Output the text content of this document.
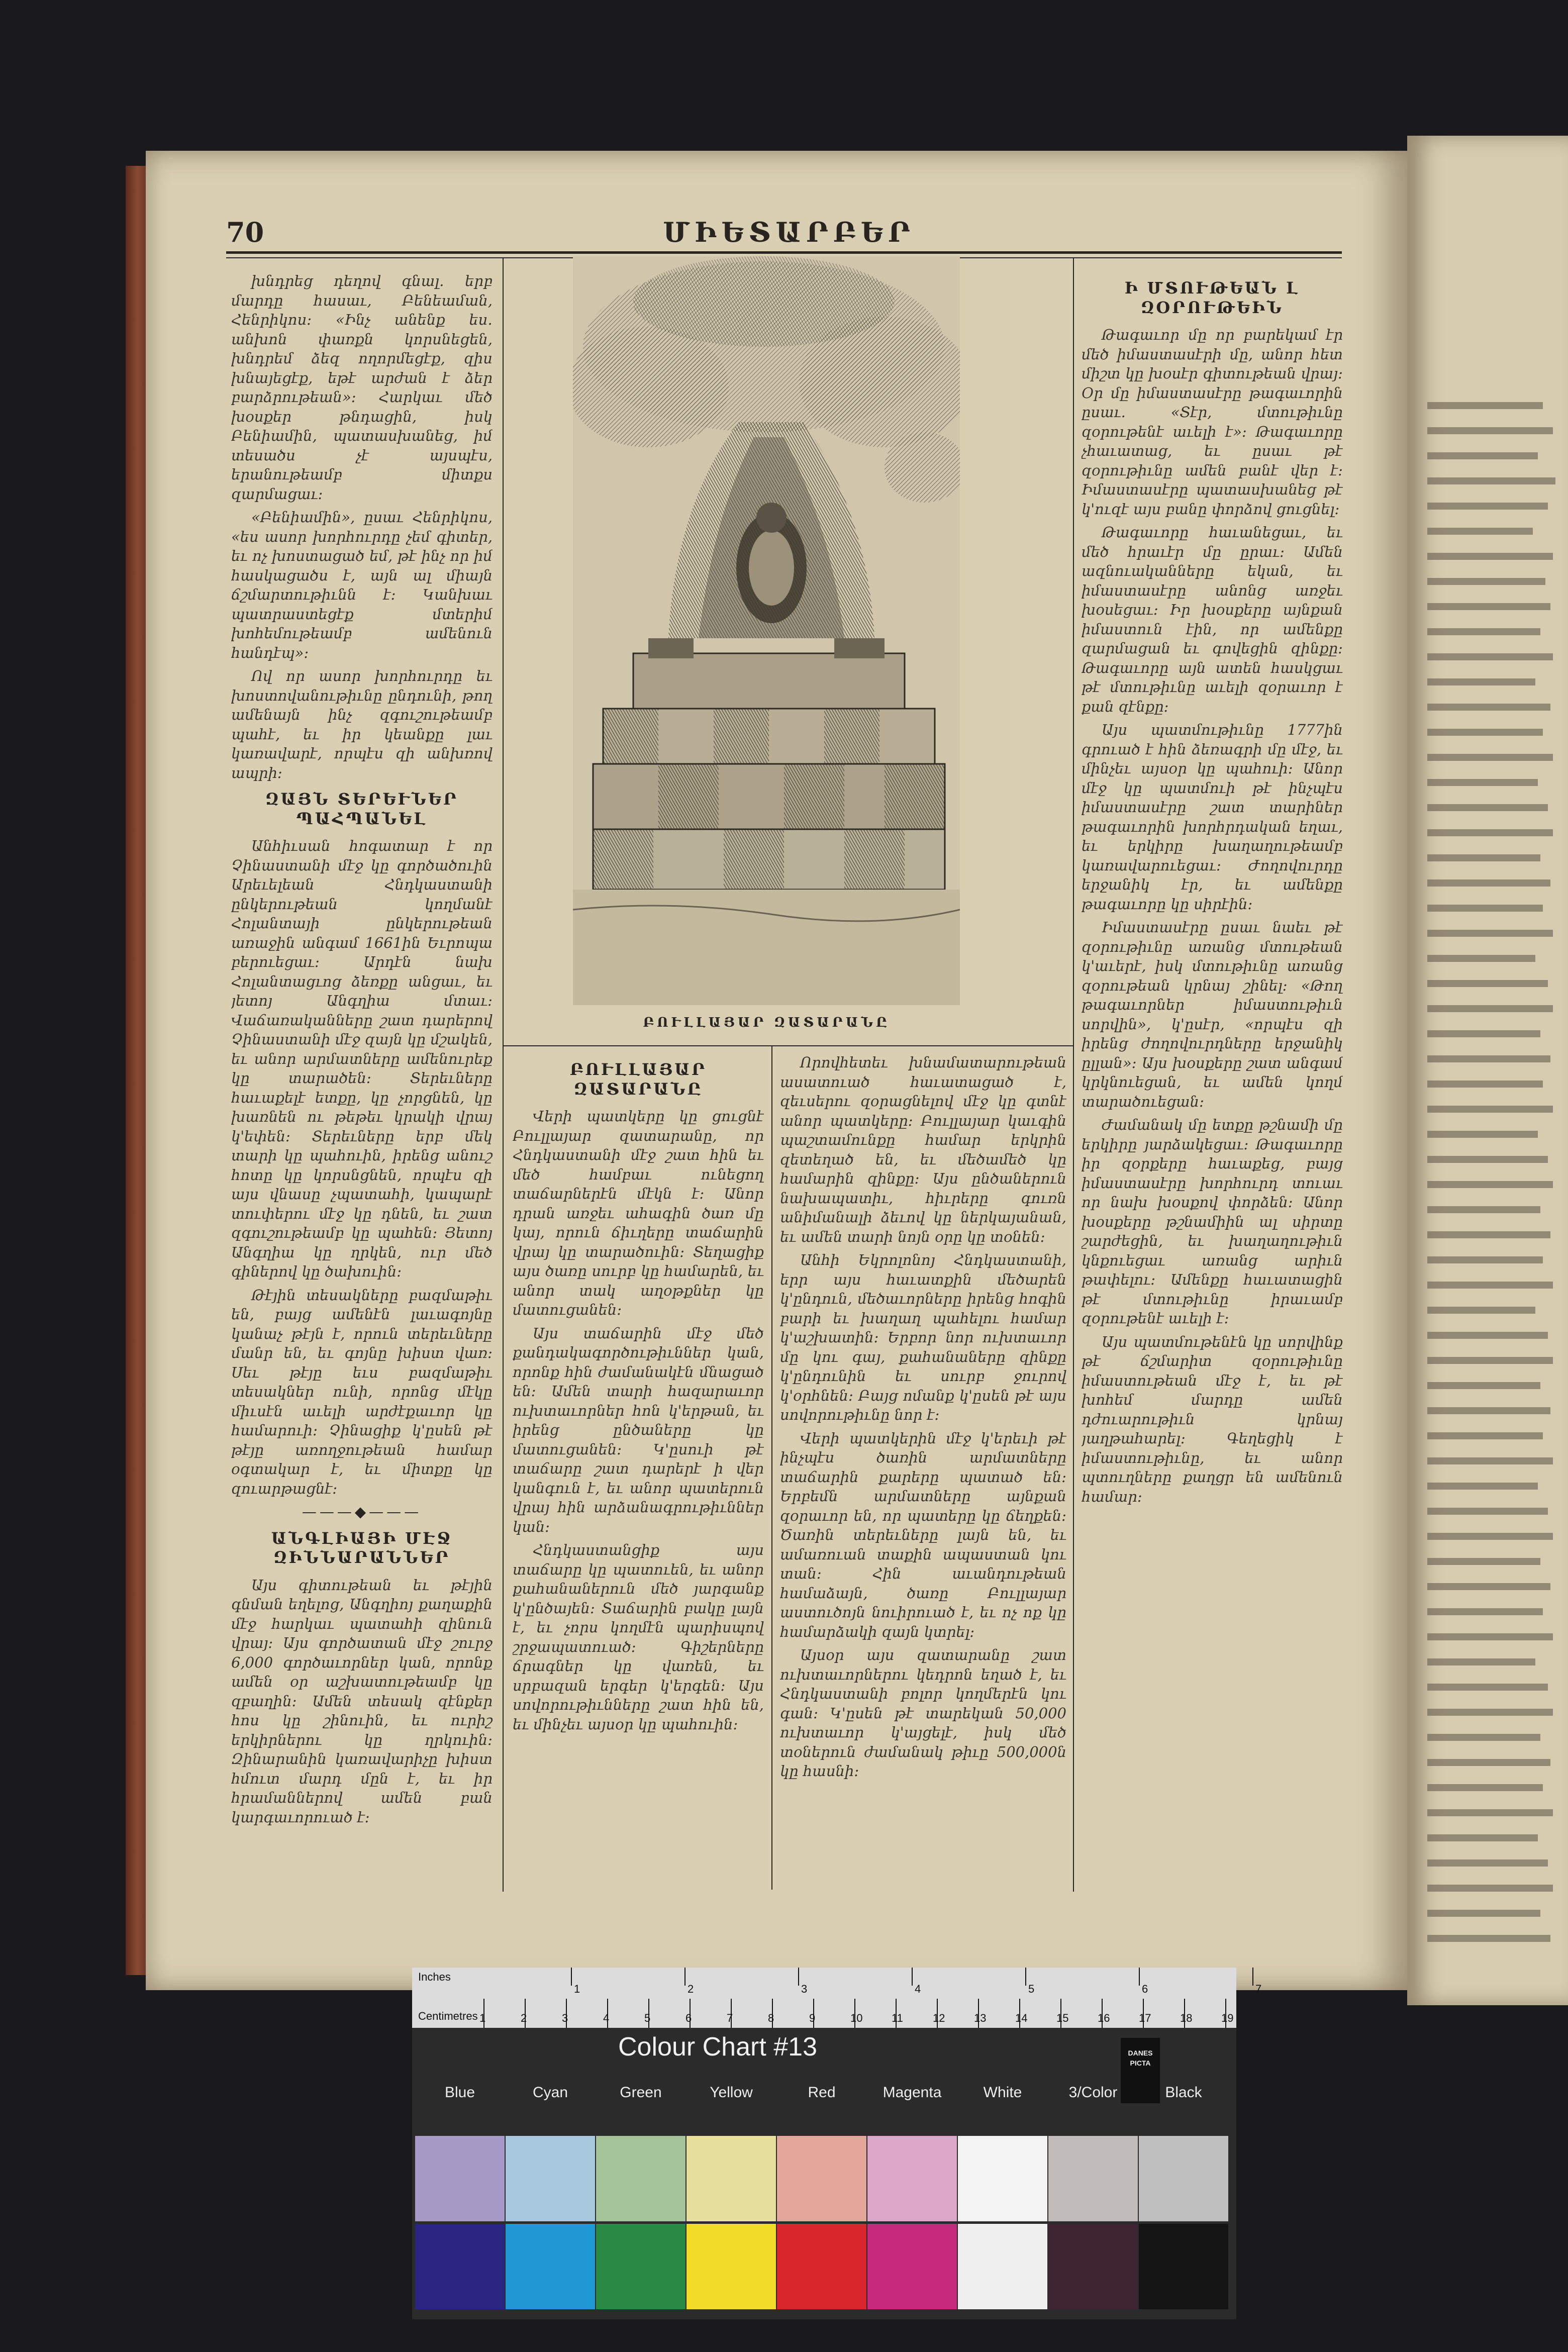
70	ՄԻԵՏԱՐԲԵՐ

խնդրեց դեղով գնալ․ երբ մարդը հասաւ, Բենեաման, Հենրիկոս։ «Ինչ անենք ես․ անխոն փառքն կորսնեցեն, խնդրեմ ձեզ ողորմեցէք, զիս խնայեցէք, եթէ արժան է ձեր բարձրութեան»։ Հարկաւ մեծ խօսքեր թնդացին, իսկ Բենիամին, պատասխանեց, իմ տեսածս չէ այսպէս, երանութեամբ միտքս զարմացաւ։

«Բենիամին», ըսաւ Հենրիկոս, «ես ասոր խորհուրդը չեմ գիտեր, եւ ոչ խոստացած եմ, թէ ինչ որ իմ հասկացածս է, այն ալ միայն ճշմարտութիւնն է։ Կանխաւ պատրաստեցէք մտերիմ խոհեմութեամբ ամենուն հանդէպ»։

Ով որ ասոր խորհուրդը եւ խոստովանութիւնը ընդունի, թող ամենայն ինչ զգուշութեամբ պահէ, եւ իր կեանքը լաւ կառավարէ, որպէս զի անխռով ապրի։

ԶԱՅՆ ՏԵՐԵՒՆԵՐ ՊԱՀՊԱՆԵԼ

Անհիւսան հոգատար է որ Չինաստանի մէջ կը գործածուին Արեւելեան Հնդկաստանի ընկերութեան կողմանէ Հոլանտայի ընկերութեան առաջին անգամ 1661ին Եւրոպա բերուեցաւ։ Արդէն նախ Հոլանտացւոց ձեռքը անցաւ, եւ յետոյ Անգղիա մտաւ։ Վաճառականները շատ դարերով Չինաստանի մէջ զայն կը մշակեն, եւ անոր արմատները ամենուրեք կը տարածեն։ Տերեւները հաւաքելէ ետքը, կը չորցնեն, կը խառնեն ու թեթեւ կրակի վրայ կ'եփեն։ Տերեւները երբ մեկ տարի կը պահուին, իրենց անուշ հոտը կը կորսնցնեն, որպէս զի այս վնասը չպատահի, կապարէ տուփերու մէջ կը դնեն, եւ շատ զգուշութեամբ կը պահեն։ Յետոյ Անգղիա կը ղրկեն, ուր մեծ գիներով կը ծախուին։

Թէյին տեսակները բազմաթիւ են, բայց ամենէն լաւագոյնը կանաչ թէյն է, որուն տերեւները մանր են, եւ գոյնը խիստ վառ։ Սեւ թէյը եւս բազմաթիւ տեսակներ ունի, որոնց մէկը միւսէն աւելի արժէքաւոր կը համարուի։ Չինացիք կ'ըսեն թէ թէյը առողջութեան համար օգտակար է, եւ միտքը կը զուարթացնէ։

———◆———
ԱՆԳԼԻԱՅԻ ՄԷՋ ԶԻՆՆԱՐԱՆՆԵՐ

Այս գիտութեան եւ թէյին գնման եղելոց, Անգղիոյ քաղաքին մէջ հարկաւ պատահի զինուն վրայ։ Այս գործատան մէջ շուրջ 6,000 գործաւորներ կան, որոնք ամեն օր աշխատութեամբ կը զբաղին։ Ամեն տեսակ զէնքեր հոս կը շինուին, եւ ուրիշ երկիրներու կը ղրկուին։ Զինարանին կառավարիչը խիստ հմուտ մարդ մըն է, եւ իր հրամաններով ամեն բան կարգաւորուած է։

ԲՈՒԼԼԱՅԱՐ ԶԱՏԱՐԱՆԸ
ԲՈՒԼԼԱՅԱՐ ԶԱՏԱՐԱՆԸ

Վերի պատկերը կը ցուցնէ Բուլլայար զատարանը, որ Հնդկաստանի մէջ շատ հին եւ մեծ համբաւ ունեցող տաճարներէն մէկն է։ Անոր դրան առջեւ ահագին ծառ մը կայ, որուն ճիւղերը տաճարին վրայ կը տարածուին։ Տեղացիք այս ծառը սուրբ կը համարեն, եւ անոր տակ աղօթքներ կը մատուցանեն։

Այս տաճարին մէջ մեծ քանդակագործութիւններ կան, որոնք հին ժամանակէն մնացած են։ Ամեն տարի հազարաւոր ուխտաւորներ հոն կ'երթան, եւ իրենց ընծաները կը մատուցանեն։ Կ'ըսուի թէ տաճարը շատ դարերէ ի վեր կանգուն է, եւ անոր պատերուն վրայ հին արձանագրութիւններ կան։

Հնդկաստանցիք այս տաճարը կը պատուեն, եւ անոր քահանաներուն մեծ յարգանք կ'ընծայեն։ Տաճարին բակը լայն է, եւ չորս կողմէն պարիսպով շրջապատուած։ Գիշերները ճրագներ կը վառեն, եւ սրբազան երգեր կ'երգեն։ Այս սովորութիւնները շատ հին են, եւ մինչեւ այսօր կը պահուին։

Որովհետեւ խնամատարութեան ասատուած հաւատացած է, զեւսերու զօրացնելով մէջ կը գտնէ անոր պատկերը։ Բուլլայար կաւգին պաշտամունքը համար երկրին զետեղած են, եւ մեծամեծ կը համարին զինքը։ Այս ընծաներուն նախապատիւ, հիւրերը գուռն անիմանալի ձեւով կը ներկայանան, եւ ամեն տարի նոյն օրը կը տօնեն։

Անհի Եկրոլոնոյ Հնդկաստանի, երր այս հաւատքին մեծարեն կ'ընդուն, մեծաւորները իրենց հոգին բարի եւ խաղաղ պահելու համար կ'աշխատին։ Երբոր նոր ուխտաւոր մը կու գայ, քահանաները զինքը կ'ընդունին եւ սուրբ ջուրով կ'օրհնեն։ Բայց ոմանք կ'ըսեն թէ այս սովորութիւնը նոր է։

Վերի պատկերին մէջ կ'երեւի թէ ինչպէս ծառին արմատները տաճարին քարերը պատած են։ Երբեմն արմատները այնքան զօրաւոր են, որ պատերը կը ճեղքեն։ Ծառին տերեւները լայն են, եւ ամառուան տաքին ապաստան կու տան։ Հին աւանդութեան համաձայն, ծառը Բուլլայար աստուծոյն նուիրուած է, եւ ոչ ոք կը համարձակի զայն կտրել։

Այսօր այս զատարանը շատ ուխտաւորներու կեդրոն եղած է, եւ Հնդկաստանի բոլոր կողմերէն կու գան։ Կ'ըսեն թէ տարեկան 50,000 ուխտաւոր կ'այցելէ, իսկ մեծ տօներուն ժամանակ թիւը 500,000ն կը հասնի։

Ի ՄՏՈՒԹԵԱՆ Լ ԶՕՐՈՒԹԵԻՆ

Թագաւոր մը որ բարեկամ էր մեծ իմաստասէրի մը, անոր հետ միշտ կը խօսէր գիտութեան վրայ։ Օր մը իմաստասէրը թագաւորին ըսաւ. «Տէր, մտութիւնը զօրութենէ աւելի է»։ Թագաւորը չհաւատաց, եւ ըսաւ թէ զօրութիւնը ամեն բանէ վեր է։ Իմաստասէրը պատասխանեց թէ կ'ուզէ այս բանը փորձով ցուցնել։

Թագաւորը հաւանեցաւ, եւ մեծ հրաւէր մը ըրաւ։ Ամեն ազնուականները եկան, եւ իմաստասէրը անոնց առջեւ խօսեցաւ։ Իր խօսքերը այնքան իմաստուն էին, որ ամենքը զարմացան եւ գովեցին զինքը։ Թագաւորը այն ատեն հասկցաւ թէ մտութիւնը աւելի զօրաւոր է քան զէնքը։

Այս պատմութիւնը 1777ին գրուած է հին ձեռագրի մը մէջ, եւ մինչեւ այսօր կը պահուի։ Անոր մէջ կը պատմուի թէ ինչպէս իմաստասէրը շատ տարիներ թագաւորին խորհրդական եղաւ, եւ երկիրը խաղաղութեամբ կառավարուեցաւ։ Ժողովուրդը երջանիկ էր, եւ ամենքը թագաւորը կը սիրէին։

Իմաստասէրը ըսաւ նաեւ թէ զօրութիւնը առանց մտութեան կ'աւերէ, իսկ մտութիւնը առանց զօրութեան կրնայ շինել։ «Թող թագաւորներ իմաստութիւն սորվին», կ'ըսէր, «որպէս զի իրենց ժողովուրդները երջանիկ ըլլան»։ Այս խօսքերը շատ անգամ կրկնուեցան, եւ ամեն կողմ տարածուեցան։

Ժամանակ մը ետքը թշնամի մը երկիրը յարձակեցաւ։ Թագաւորը իր զօրքերը հաւաքեց, բայց իմաստասէրը խորհուրդ տուաւ որ նախ խօսքով փորձեն։ Անոր խօսքերը թշնամիին ալ սիրտը շարժեցին, եւ խաղաղութիւն կնքուեցաւ առանց արիւն թափելու։ Ամենքը հաւատացին թէ մտութիւնը իրաւամբ զօրութենէ աւելի է։

Այս պատմութենէն կը սորվինք թէ ճշմարիտ զօրութիւնը իմաստութեան մէջ է, եւ թէ խոհեմ մարդը ամեն դժուարութիւն կրնայ յաղթահարել։ Գեղեցիկ է իմաստութիւնը, եւ անոր պտուղները քաղցր են ամենուն համար։

Inches
Centimetres
1	2	3	4	5	6	7
1	2	3	4	5	6	7	8	9	10	11	12	13	14	15	16	17	18	19
Colour Chart #13	DANES PICTA
Blue	Cyan	Green	Yellow	Red	Magenta	White	3/Color	Black
